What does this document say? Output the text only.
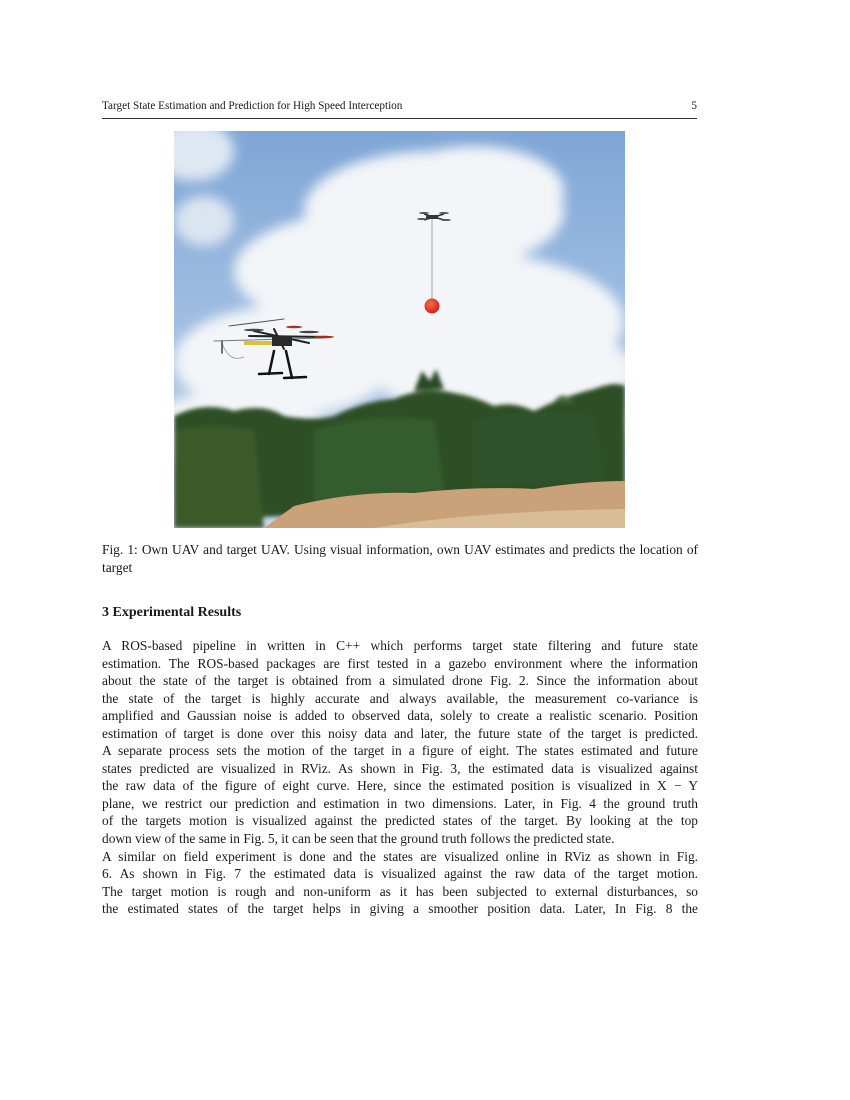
Target State Estimation and Prediction for High Speed Interception	5
Fig. 1: Own UAV and target UAV. Using visual information, own UAV estimates and predicts the location of target
3 Experimental Results
A ROS-based pipeline in written in C++ which performs target state filtering and future state
estimation. The ROS-based packages are first tested in a gazebo environment where the information
about the state of the target is obtained from a simulated drone Fig. 2. Since the information about
the state of the target is highly accurate and always available, the measurement co-variance is
amplified and Gaussian noise is added to observed data, solely to create a realistic scenario. Position
estimation of target is done over this noisy data and later, the future state of the target is predicted.
A separate process sets the motion of the target in a figure of eight. The states estimated and future
states predicted are visualized in RViz. As shown in Fig. 3, the estimated data is visualized against
the raw data of the figure of eight curve. Here, since the estimated position is visualized in X − Y
plane, we restrict our prediction and estimation in two dimensions. Later, in Fig. 4 the ground truth
of the targets motion is visualized against the predicted states of the target. By looking at the top
down view of the same in Fig. 5, it can be seen that the ground truth follows the predicted state.
A similar on field experiment is done and the states are visualized online in RViz as shown in Fig.
6. As shown in Fig. 7 the estimated data is visualized against the raw data of the target motion.
The target motion is rough and non-uniform as it has been subjected to external disturbances, so
the estimated states of the target helps in giving a smoother position data. Later, In Fig. 8 the
